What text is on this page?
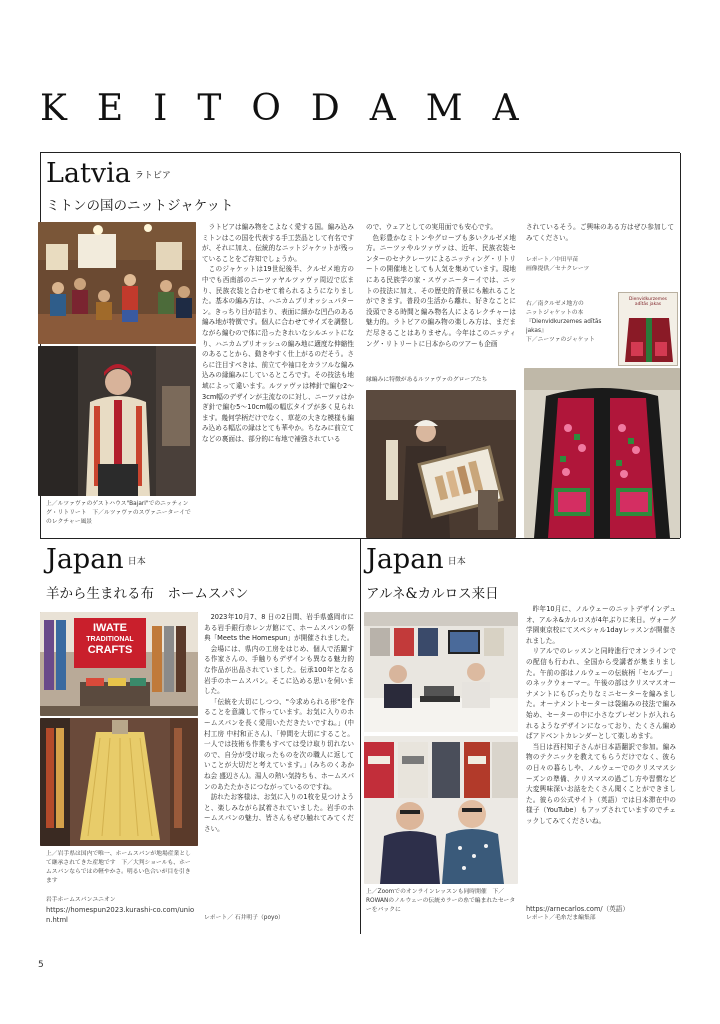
KEITODAMA
Latvia ラトビア
ミトンの国のニットジャケット

上／ルツァヴァのゲストハウス"Bajari"でのニッティング・リトリート　下／ルツァヴァのスヴァニーターイでのレクチャー風景

ラトビアは編み物をこよなく愛する国。編み込みミトンはこの国を代表する手工芸品として有名ですが、それに加え、伝統的なニットジャケットが残っていることをご存知でしょうか。

このジャケットは19世紀後半、クルゼメ地方の中でも西南部のニーツァヤルツァヴァ周辺で広まり、民族衣装と合わせて着られるようになりました。基本の編み方は、ハニカムブリオッシュパターン。きっちり目が詰まり、表面に細かな凹凸のある編み地が特徴です。個人に合わせてサイズを調整しながら編むので体に沿ったきれいなシルエットになり、ハニカムブリオッシュの編み地に適度な伸縮性のあることから、動きやすく仕上がるのだそう。さらに注目すべきは、前立てや袖口をカラフルな編み込みの縁編みにしているところです。その技法も地域によって違います。ルツァヴァは棒針で編む2〜3cm幅のデザインが主流なのに対し、ニーツァはかぎ針で編む5〜10cm幅の幅広タイプが多く見られます。幾何学柄だけでなく、草花の大きな模様も編み込める幅広の縁はとても華やか。ちなみに前立てなどの裏面は、部分的に布地で補強されている

ので、ウェアとしての実用面でも安心です。

色彩豊かなミトンやグローブも多いクルゼメ地方。ニーツァやルツァヴァは、近年、民族衣装センターのセナクレーツによるニッティング・リトリートの開催地としても人気を集めています。現地にある民族学の家・スヴァニーターイでは、ニットの技法に加え、その歴史的背景にも触れることができます。普段の生活から離れ、好きなことに没頭できる時間と編み物名人によるレクチャーは魅力的。ラトビアの編み物の楽しみ方は、まだまだ尽きることはありません。今年はこのニッティング・リトリートに日本からのツアーも企画

縁編みに特徴があるルツァヴァのグローブたち

されているそう。ご興味のある方はぜひ参加してみてください。

レポート／中田早苗

画像提供／セナクレーツ

右／南クルゼメ地方の

ニットジャケットの本

『Dienvidkurzemes adītās

jakas』

下／ニーツァのジャケット

Dienvidkurzemes adītās jakas
Japan 日本
羊から生まれる布　ホームスパン
IWATE
TRADITIONAL
CRAFTS

上／岩手県は国内で唯一、ホームスパンが地場産業として継承されてきた産地です　下／大判ショールも、ホームスパンならではの軽やかさ。明るい色合いが目を引きます

岩手ホームスパンユニオン

https://homespun2023.kurashi-co.com/union.html

2023年10月7、8 日の2日間、岩手県盛岡市にある岩手銀行赤レンガ館にて、ホームスパンの祭典「Meets the Homespun」が開催されました。

会場には、県内の工房をはじめ、個人で活躍する作家さんの、手触りもデザインも異なる魅力的な作品が出品されていました。伝承100年となる岩手のホームスパン。そこに込める思いを伺いました。

「伝統を大切にしつつ、"今求められる形"を作ることを意識して作っています。お気に入りのホームスパンを長く愛用いただきたいですね。」(中村工房 中村和正さん)、「仲間を大切にすること。一人では技術も作業もすべては受け取り切れないので、自分が受け取ったものを次の職人に返していことが大切だと考えています。」(みちのくあかね会 盛辺さん)。湯人の熱い気持ちも、ホームスパンのあたたかさにつながっているのですね。

訪れたお客様は、お気に入りの1枚を見つけようと、楽しみながら試着されていました。岩手のホームスパンの魅力、皆さんもぜひ触れてみてください。

レポート／ 石井明子（poyo）
Japan 日本
アルネ&カルロス来日

上／Zoomでのオンラインレッスンも同時開催　下／ROWANのノルウェーの伝統カラーの糸で編まれたセーターをバックに

昨年10月に、ノルウェーのニットデザインデュオ、アルネ&カルロスが4年ぶりに来日。ヴォーグ学園東京校にてスペシャル1dayレッスンが開催されました。

リアルでのレッスンと同時進行でオンラインでの配信も行われ、全国から受講者が集まりました。午前の部はノルウェーの伝統柄「セルブー」のネックウォーマー。午後の部はクリスマスオーナメントにもぴったりなミニセーターを編みました。オーナメントセーターは袋編みの技法で編み始め、セーターの中に小さなプレゼントが入れられるようなデザインになっており、たくさん編めばアドベントカレンダーとして楽しめます。

当日は西村知子さんが日本語翻訳で参加。編み物のテクニックを教えてもらうだけでなく、彼らの日々の暮らしや、ノルウェーでのクリスマスシーズンの準備、クリスマスの過ごし方や習慣など大変興味深いお話をたくさん聞くことができました。彼らの公式サイト（英語）では日本滞在中の様子（YouTube）もアップされていますのでチェックしてみてくださいね。

https://arnecarlos.com/（英語）

レポート／毛糸だま編集部

5
